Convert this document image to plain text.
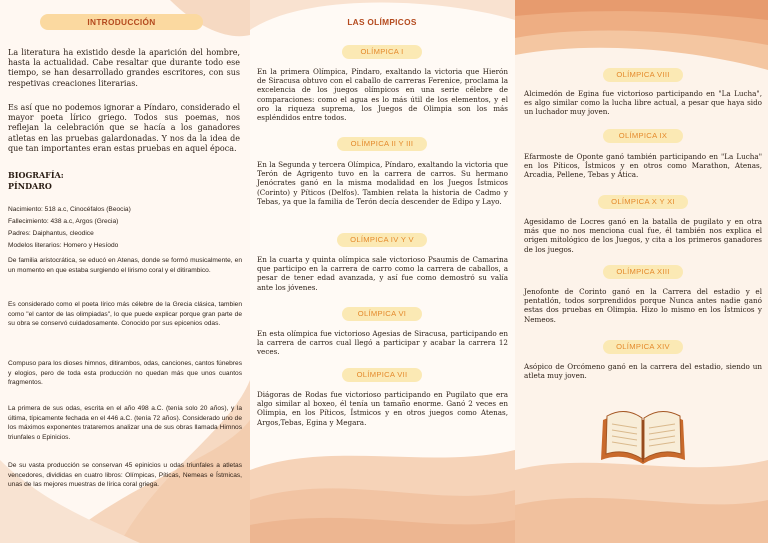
INTRODUCCIÓN

La literatura ha existido desde la aparición del hombre, hasta la actualidad. Cabe resaltar que durante todo ese tiempo, se han desarrollado grandes escritores, con sus respetivas creaciones literarias.

Es así que no podemos ignorar a Píndaro, considerado el mayor poeta lírico griego. Todos sus poemas, nos reflejan la celebración que se hacía a los ganadores atletas en las pruebas galardonadas. Y nos da la idea de que tan importantes eran estas pruebas en aquel época.

BIOGRAFÍA:

PÍNDARO

Nacimiento: 518 a.c, Cinocéfalos (Beocia)

Fallecimiento: 438 a.c, Argos (Grecia)

Padres: Daiphantus, cleodice

Modelos literarios: Homero y Hesíodo

De familia aristocrática, se educó en Atenas, donde se formó musicalmente, en un momento en que estaba surgiendo el lirismo coral y el ditirambico.

Es considerado como el poeta lírico más célebre de la Grecia clásica, tambien como "el cantor de las olimpiadas", lo que puede explicar porque gran parte de su obra se conservó cuidadosamente. Conocido por sus epicenios odas.

Compuso para los dioses himnos, ditirambos, odas, canciones, cantos fúnebres y elogios, pero de toda esta producción no quedan más que unos cuantos fragmentos.

La primera de sus odas, escrita en el año 498 a.C. (tenía solo 20 años), y la última, típicamente fechada en el 446 a.C. (tenía 72 años). Considerado uno de los máximos exponentes trataremos analizar una de sus obras llamada Himnos triunfales o Epinicios.

De su vasta producción se conservan 45 epinicios u odas triunfales a atletas vencedores, divididas en cuatro libros: Olímpicas, Píticas, Nemeas e Ístmicas, unas de las mejores muestras de lírica coral griega.

LAS OLÍMPICOS
OLÍMPICA I

En la primera Olímpica, Píndaro, exaltando la victoria que Hierón de Siracusa obtuvo con el caballo de carreras Ferenice, proclama la excelencia de los juegos olímpicos en una serie célebre de comparaciones: como el agua es lo más útil de los elementos, y el oro la riqueza suprema, los Juegos de Olimpia son los más espléndidos entre todos.

OLÍMPICA II Y III

En la Segunda y tercera Olímpica, Píndaro, exaltando la victoria que Terón de Agrigento tuvo en la carrera de carros. Su hermano Jenócrates ganó en la misma modalidad en los Juegos Ístmicos (Corinto) y Píticos (Delfos). Tambien relata la historia de Cadmo y Tebas, ya que la familia de Terón decía descender de Edipo y Layo.

OLÍMPICA IV Y V

En la cuarta y quinta olímpica sale victorioso Psaumis de Camarina que participo en la carrera de carro como la carrera de caballos, a pesar de tener edad avanzada, y así fue como demostró su valía ante los jóvenes.

OLÍMPICA VI

En esta olímpica fue victorioso Agesias de Siracusa, participando en la carrera de carros cual llegó a participar y acabar la carrera 12 veces.

OLÍMPICA VII

Diágoras de Rodas fue victorioso participando en Pugilato que era algo similar al boxeo, él tenía un tamaño enorme. Ganó 2 veces en Olimpia, en los Píticos, Ístmicos y en otros juegos como Atenas, Argos,Tebas, Egina y Megara.

OLÍMPICA VIII

Alcimedón de Egina fue victorioso participando en "La Lucha", es algo similar como la lucha libre actual, a pesar que haya sido un luchador muy joven.

OLÍMPICA IX

Efarmoste de Oponte ganó también participando en "La Lucha" en los Píticos, Ístmicos y en otros como Marathon, Atenas, Arcadia, Pellene, Tebas y Ática.

OLÍMPICA X Y XI

Agesidamo de Locres ganó en la batalla de pugilato y en otra más que no nos menciona cual fue, él también nos explica el origen mitológico de los Juegos, y cita a los primeros ganadores de los juegos.

OLÍMPICA XIII

Jenofonte de Corinto ganó en la Carrera del estadio y el pentatlón, todos sorprendidos porque Nunca antes nadie ganó estas dos pruebas en Olimpia. Hizo lo mismo en los Ístmicos y Nemeos.

OLÍMPICA XIV

Asópico de Orcómeno ganó en la carrera del estadio, siendo un atleta muy joven.
